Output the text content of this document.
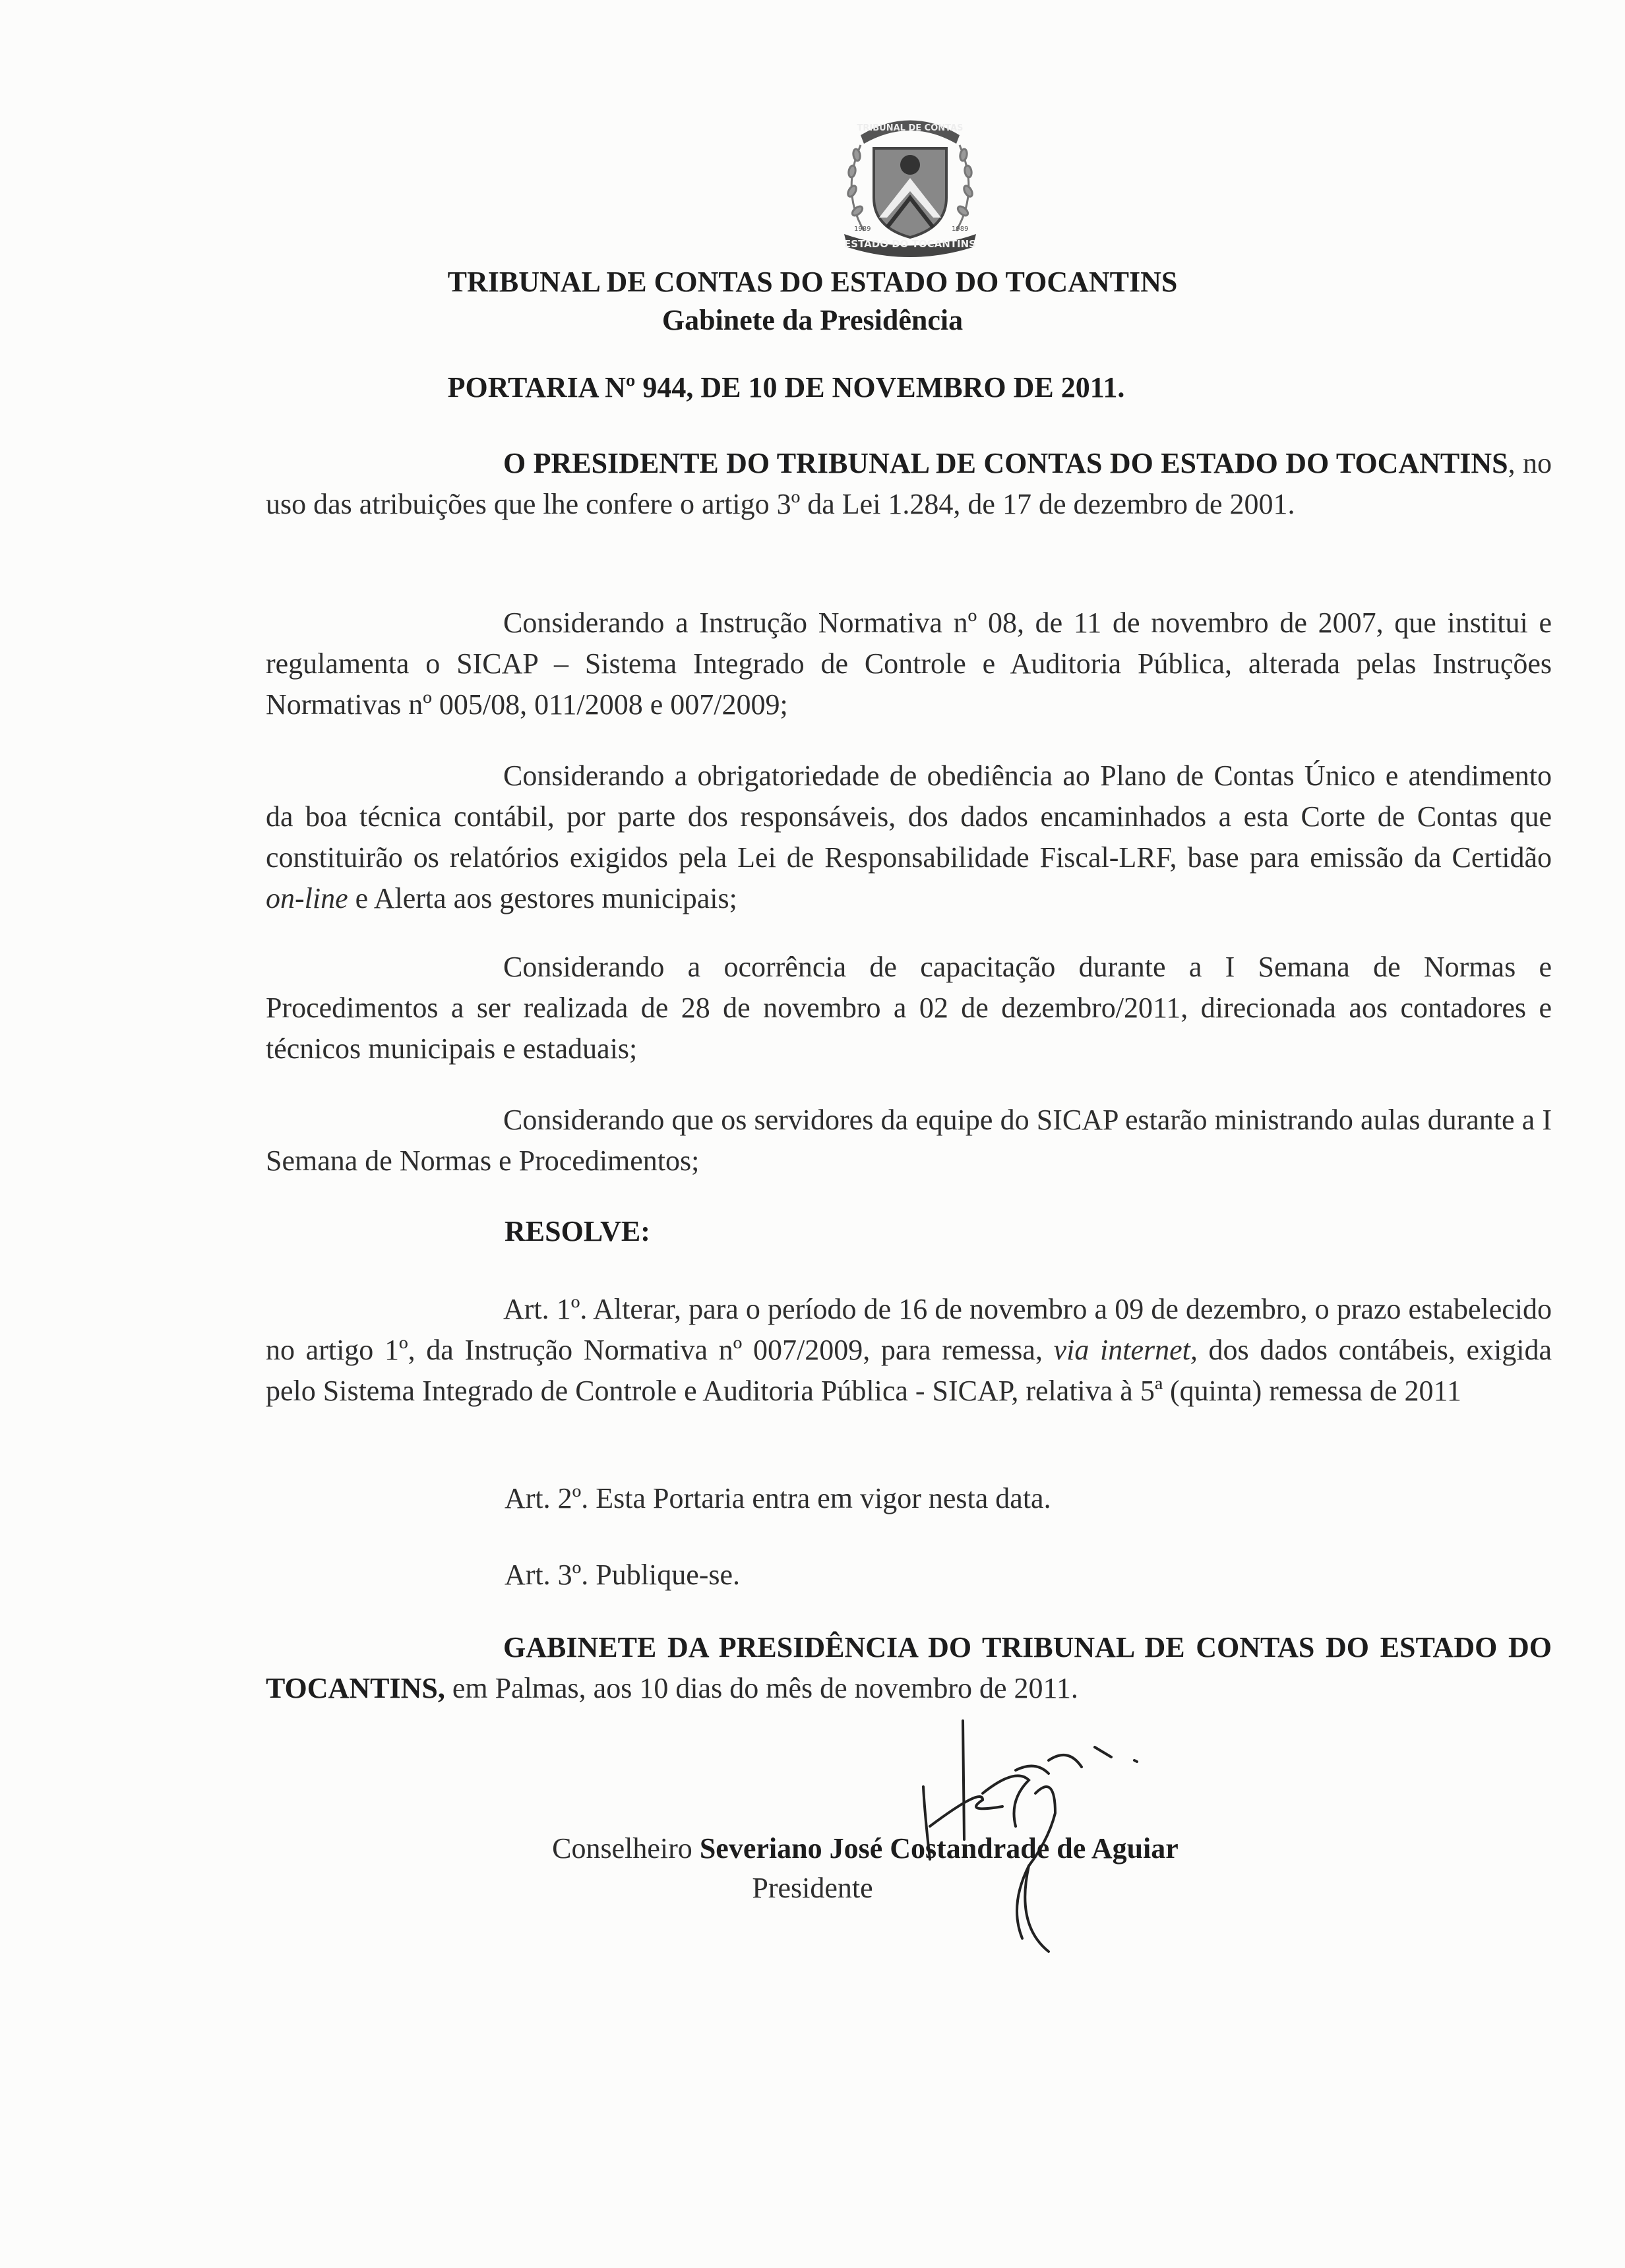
TRIBUNAL DE CONTAS
ESTADO DO TOCANTINS
1989	1989
TRIBUNAL DE CONTAS DO ESTADO DO TOCANTINS
Gabinete da Presidência
PORTARIA Nº 944, DE 10 DE NOVEMBRO DE 2011.

O PRESIDENTE DO TRIBUNAL DE CONTAS DO ESTADO DO TOCANTINS, no uso das atribuições que lhe confere o artigo 3º da Lei 1.284, de 17 de dezembro de 2001.

Considerando a Instrução Normativa nº 08, de 11 de novembro de 2007, que institui e regulamenta o SICAP – Sistema Integrado de Controle e Auditoria Pública, alterada pelas Instruções Normativas nº 005/08, 011/2008 e 007/2009;

Considerando a obrigatoriedade de obediência ao Plano de Contas Único e atendimento da boa técnica contábil, por parte dos responsáveis, dos dados encaminhados a esta Corte de Contas que constituirão os relatórios exigidos pela Lei de Responsabilidade Fiscal-LRF, base para emissão da Certidão on-line e Alerta aos gestores municipais;

Considerando a ocorrência de capacitação durante a I Semana de Normas e Procedimentos a ser realizada de 28 de novembro a 02 de dezembro/2011, direcionada aos contadores e técnicos municipais e estaduais;

Considerando que os servidores da equipe do SICAP estarão ministrando aulas durante a I Semana de Normas e Procedimentos;

RESOLVE:

Art. 1º. Alterar, para o período de 16 de novembro a 09 de dezembro, o prazo estabelecido no artigo 1º, da Instrução Normativa nº 007/2009, para remessa, via internet, dos dados contábeis, exigida pelo Sistema Integrado de Controle e Auditoria Pública - SICAP, relativa à 5ª (quinta) remessa de 2011

Art. 2º. Esta Portaria entra em vigor nesta data.
Art. 3º. Publique-se.

GABINETE DA PRESIDÊNCIA DO TRIBUNAL DE CONTAS DO ESTADO DO TOCANTINS, em Palmas, aos 10 dias do mês de novembro de 2011.

Conselheiro Severiano José Costandrade de Aguiar
Presidente
